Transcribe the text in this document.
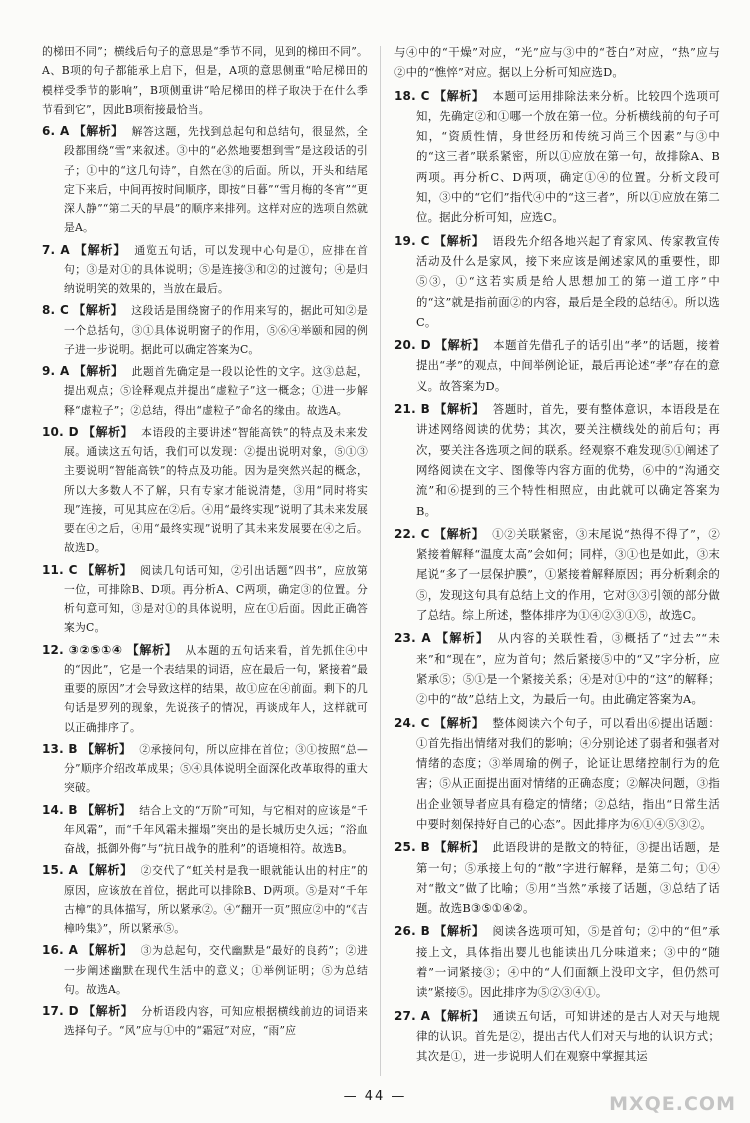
的梯田不同”；横线后句子的意思是“季节不同，见到的梯田不同”。A、B项的句子都能承上启下，但是，A项的意思侧重“哈尼梯田的模样受季节的影响”，B项侧重讲“哈尼梯田的样子取决于在什么季节看到它”，因此B项衔接最恰当。

6. A 【解析】 解答这题，先找到总起句和总结句，很显然，全段都围绕“雪”来叙述。③中的“必然地要想到雪”是这段话的引子；①中的“这几句诗”，自然在③的后面。所以，开头和结尾定下来后，中间再按时间顺序，即按“日暮”“雪月梅的冬宵”“更深人静”“第二天的早晨”的顺序来排列。这样对应的选项自然就是A。

7. A 【解析】 通览五句话，可以发现中心句是①，应排在首句；③是对①的具体说明；⑤是连接③和②的过渡句；④是归纳说明笑的效果的，当放在最后。

8. C 【解析】 这段话是围绕窗子的作用来写的，据此可知②是一个总括句，③①具体说明窗子的作用，⑤⑥④举颐和园的例子进一步说明。据此可以确定答案为C。

9. A 【解析】 此题首先确定是一段以论性的文字。这③总起，提出观点；⑤诠释观点并提出“虚粒子”这一概念；①进一步解释“虚粒子”；②总结，得出“虚粒子”命名的缘由。故选A。

10. D 【解析】 本语段的主要讲述“智能高铁”的特点及未来发展。通读这五句话，我们可以发现：②提出说明对象，⑤①③主要说明“智能高铁”的特点及功能。因为是突然兴起的概念，所以大多数人不了解，只有专家才能说清楚，③用“同时将实现”连接，可见其应在②后。④用“最终实现”说明了其未来发展要在④之后，④用“最终实现”说明了其未来发展要在④之后。故选D。

11. C 【解析】 阅读几句话可知，②引出话题“四书”，应放第一位，可排除B、D项。再分析A、C两项，确定③的位置。分析句意可知，③是对①的具体说明，应在①后面。因此正确答案为C。

12. ③②⑤①④ 【解析】 从本题的五句话来看，首先抓住④中的“因此”，它是一个表结果的词语，应在最后一句，紧接着“最重要的原因”才会导致这样的结果，故①应在④前面。剩下的几句话是罗列的现象，先说孩子的情况，再谈成年人，这样就可以正确排序了。

13. B 【解析】 ②承接问句，所以应排在首位；③①按照“总—分”顺序介绍改革成果；⑤④具体说明全面深化改革取得的重大突破。

14. B 【解析】 结合上文的“万阶”可知，与它相对的应该是“千年风霜”，而“千年风霜未摧塌”突出的是长城历史久远；“浴血奋战，抵御外侮”与“抗日战争的胜利”的语境相符。故选B。

15. A 【解析】 ②交代了“虹关村是我一眼就能认出的村庄”的原因，应该放在首位，据此可以排除B、D两项。⑤是对“千年古樟”的具体描写，所以紧承②。④“翻开一页”照应②中的“《吉樟吟集》”，所以紧承⑤。

16. A 【解析】 ③为总起句，交代幽默是“最好的良药”；②进一步阐述幽默在现代生活中的意义；①举例证明；⑤为总结句。故选A。

17. D 【解析】 分析语段内容，可知应根据横线前边的词语来选择句子。“风”应与①中的“霜冠”对应，“雨”应

与④中的“干燥”对应，“光”应与③中的“苍白”对应，“热”应与②中的“憔悴”对应。据以上分析可知应选D。

18. C 【解析】 本题可运用排除法来分析。比较四个选项可知，先确定②和①哪一个放在第一位。分析横线前的句子可知，“资质性情，身世经历和传统习尚三个因素”与③中的“这三者”联系紧密，所以①应放在第一句，故排除A、B两项。再分析C、D两项，确定①④的位置。分析文段可知，③中的“它们”指代④中的“这三者”，所以①应放在第二位。据此分析可知，应选C。

19. C 【解析】 语段先介绍各地兴起了育家风、传家教宣传活动及什么是家风，接下来应该是阐述家风的重要性，即⑤③，①“这若实质是给人思想加工的第一道工序”中的“这”就是指前面②的内容，最后是全段的总结④。所以选C。

20. D 【解析】 本题首先借孔子的话引出“孝”的话题，接着提出“孝”的观点，中间举例论证，最后再论述“孝”存在的意义。故答案为D。

21. B 【解析】 答题时，首先，要有整体意识，本语段是在讲述网络阅读的优势；其次，要关注横线处的前后句；再次，要关注各选项之间的联系。经观察不难发现⑤①阐述了网络阅读在文字、图像等内容方面的优势，⑥中的“沟通交流”和⑥提到的三个特性相照应，由此就可以确定答案为B。

22. C 【解析】 ①②关联紧密，③末尾说“热得不得了”，②紧接着解释“温度太高”会如何；同样，③①也是如此，③末尾说“多了一层保护膜”，①紧接着解释原因；再分析剩余的⑤，发现这句具有总结上文的作用，它对③③引领的部分做了总结。综上所述，整体排序为①④②③①⑤，故选C。

23. A 【解析】 从内容的关联性看，③概括了“过去”“未来”和“现在”，应为首句；然后紧接⑤中的“又”字分析，应紧承⑤；⑤①是一个紧接关系；④是对①中的“这”的解释；②中的“故”总结上文，为最后一句。由此确定答案为A。

24. C 【解析】 整体阅读六个句子，可以看出⑥提出话题：①首先指出情绪对我们的影响；④分别论述了弱者和强者对情绪的态度；③举周瑜的例子，论证让思绪控制行为的危害；⑤从正面提出面对情绪的正确态度；②解决问题，③指出企业领导者应具有稳定的情绪；②总结，指出“日常生活中要时刻保持好自己的心态”。因此排序为⑥①④⑤③②。

25. B 【解析】 此语段讲的是散文的特征，③提出话题，是第一句；⑤承接上句的“散”字进行解释，是第二句；①④对“散文”做了比喻；⑤用“当然”承接了话题，③总结了话题。故选B③⑤①④②。

26. B 【解析】 阅读各选项可知，⑤是首句；②中的“但”承接上文，具体指出婴儿也能读出几分味道来；③中的“随着”一词紧接③；④中的“人们面额上没印文字，但仍然可读”紧接⑤。因此排序为⑤②③④①。

27. A 【解析】 通读五句话，可知讲述的是古人对天与地规律的认识。首先是②，提出古代人们对天与地的认识方式；其次是①，进一步说明人们在观察中掌握其运

— 44 —	MXQE.COM
